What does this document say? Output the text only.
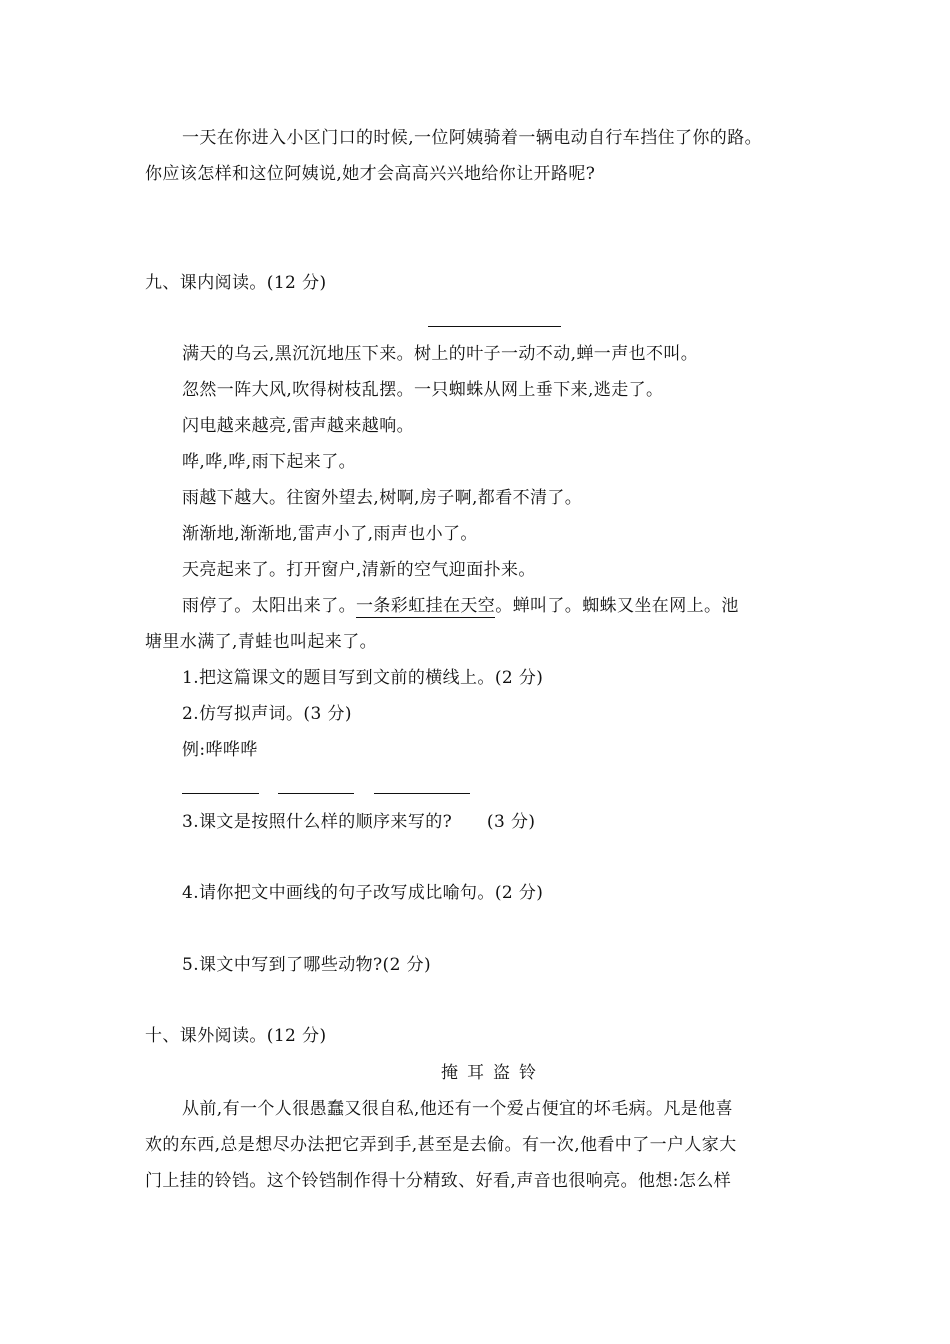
一天在你进入小区门口的时候,一位阿姨骑着一辆电动自行车挡住了你的路。
你应该怎样和这位阿姨说,她才会高高兴兴地给你让开路呢?
九、课内阅读。(12 分)
满天的乌云,黑沉沉地压下来。树上的叶子一动不动,蝉一声也不叫。
忽然一阵大风,吹得树枝乱摆。一只蜘蛛从网上垂下来,逃走了。
闪电越来越亮,雷声越来越响。
哗,哗,哗,雨下起来了。
雨越下越大。往窗外望去,树啊,房子啊,都看不清了。
渐渐地,渐渐地,雷声小了,雨声也小了。
天亮起来了。打开窗户,清新的空气迎面扑来。
雨停了。太阳出来了。一条彩虹挂在天空。蝉叫了。蜘蛛又坐在网上。池
塘里水满了,青蛙也叫起来了。
1.把这篇课文的题目写到文前的横线上。(2 分)
2.仿写拟声词。(3 分)
例:哗哗哗
3.课文是按照什么样的顺序来写的?　　(3 分)
4.请你把文中画线的句子改写成比喻句。(2 分)
5.课文中写到了哪些动物?(2 分)
十、课外阅读。(12 分)
掩耳盗铃
从前,有一个人很愚蠢又很自私,他还有一个爱占便宜的坏毛病。凡是他喜
欢的东西,总是想尽办法把它弄到手,甚至是去偷。有一次,他看中了一户人家大
门上挂的铃铛。这个铃铛制作得十分精致、好看,声音也很响亮。他想:怎么样
